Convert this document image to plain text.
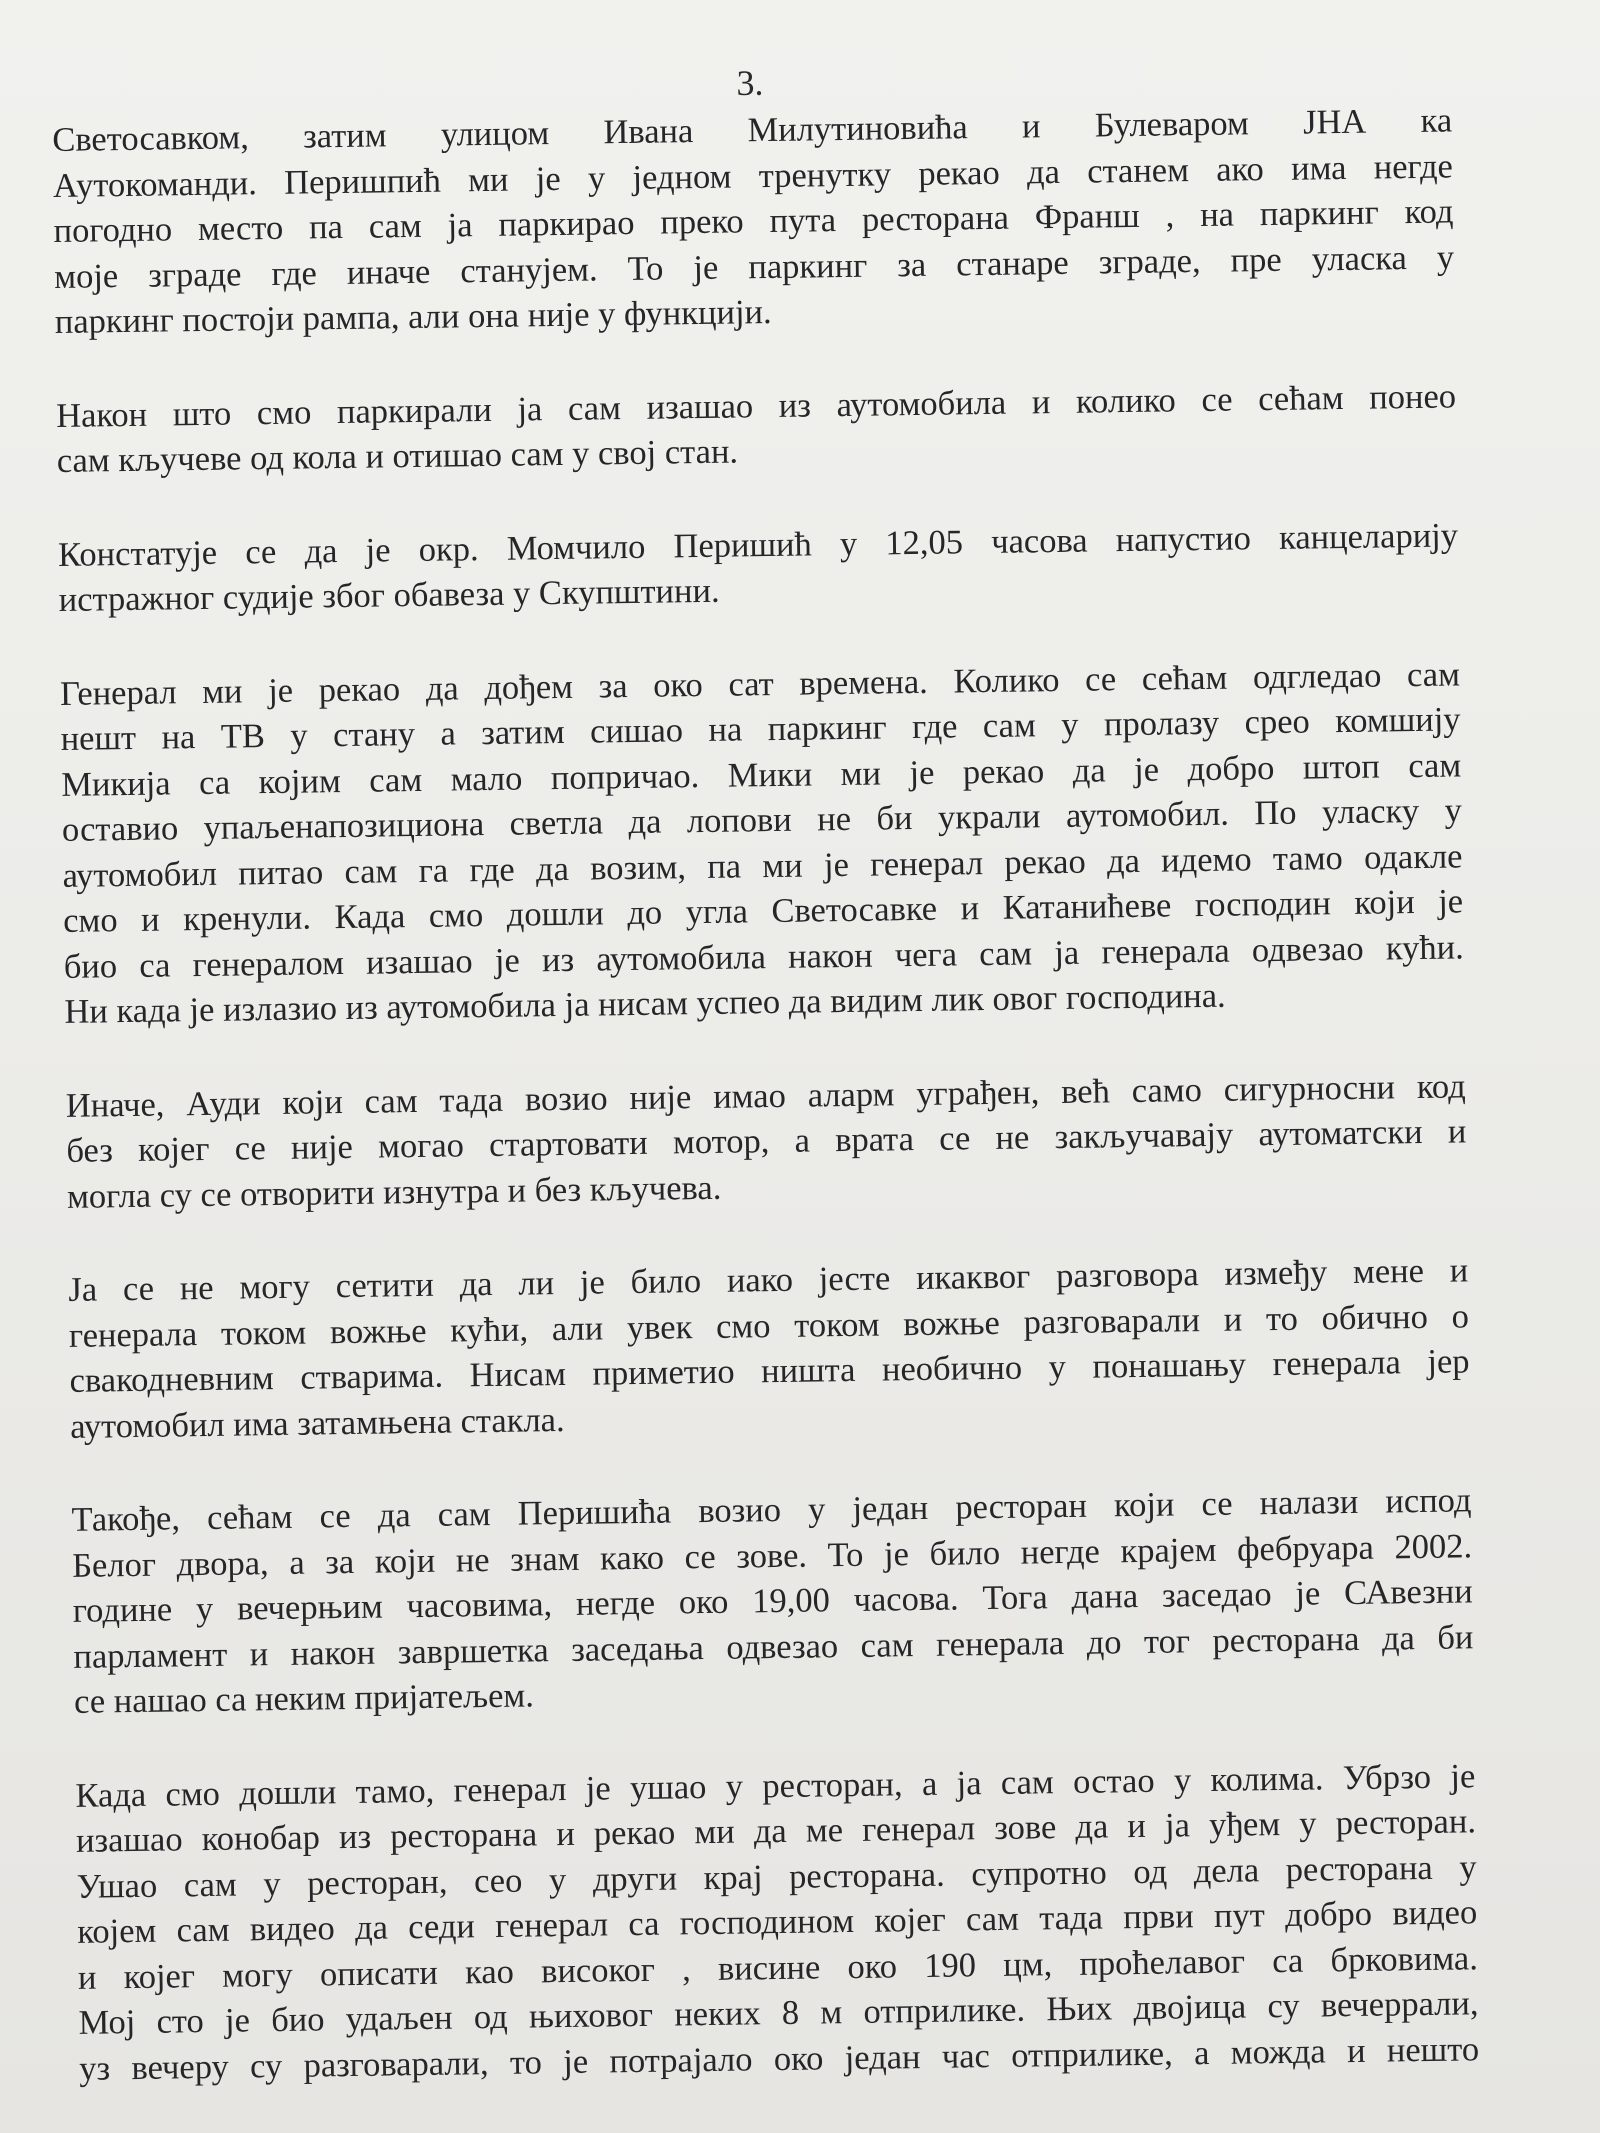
3.
Светосавком, затим улицом Ивана Милутиновића и Булеваром ЈНА ка
Аутокоманди. Перишпић ми је у једном тренутку рекао да станем ако има негде
погодно место па сам ја паркирао преко пута ресторана Франш , на паркинг код
моје зграде где иначе станујем. То је паркинг за станаре зграде, пре уласка у
паркинг постоји рампа, али она није у функцији.
Након што смо паркирали ја сам изашао из аутомобила и колико се сећам понео
сам кључеве од кола и отишао сам у свој стан.
Констатује се да је окр. Момчило Перишић у 12,05 часова напустио канцеларију
истражног судије због обавеза у Скупштини.
Генерал ми је рекао да дођем за око сат времена. Колико се сећам одгледао сам
нешт на ТВ у стану а затим сишао на паркинг где сам у пролазу срео комшију
Микија са којим сам мало попричао. Мики ми је рекао да је добро штоп сам
оставио упаљенапозициона светла да лопови не би украли аутомобил. По уласку у
аутомобил питао сам га где да возим, па ми је генерал рекао да идемо тамо одакле
смо и кренули. Када смо дошли до угла Светосавке и Катанићеве господин који је
био са генералом изашао је из аутомобила након чега сам ја генерала одвезао кући.
Ни када је излазио из аутомобила ја нисам успео да видим лик овог господина.
Иначе, Ауди који сам тада возио није имао аларм уграђен, већ само сигурносни код
без којег се није могао стартовати мотор, а врата се не закључавају аутоматски и
могла су се отворити изнутра и без кључева.
Ја се не могу сетити да ли је било иако јесте икаквог разговора између мене и
генерала током вожње кући, али увек смо током вожње разговарали и то обично о
свакодневним стварима. Нисам приметио ништа необично у понашању генерала јер
аутомобил има затамњена стакла.
Такође, сећам се да сам Перишића возио у један ресторан који се налази испод
Белог двора, а за који не знам како се зове. То је било негде крајем фебруара 2002.
године у вечерњим часовима, негде око 19,00 часова. Тога дана заседао је САвезни
парламент и након завршетка заседања одвезао сам генерала до тог ресторана да би
се нашао са неким пријатељем.
Када смо дошли тамо, генерал је ушао у ресторан, а ја сам остао у колима. Убрзо је
изашао конобар из ресторана и рекао ми да ме генерал зове да и ја уђем у ресторан.
Ушао сам у ресторан, сео у други крај ресторана. супротно од дела ресторана у
којем сам видео да седи генерал са господином којег сам тада први пут добро видео
и којег могу описати као високог , висине око 190 цм, проћелавог са брковима.
Мој сто је био удаљен од њиховог неких 8 м отприлике. Њих двојица су вечеррали,
уз вечеру су разговарали, то је потрајало око један час отприлике, а можда и нешто
